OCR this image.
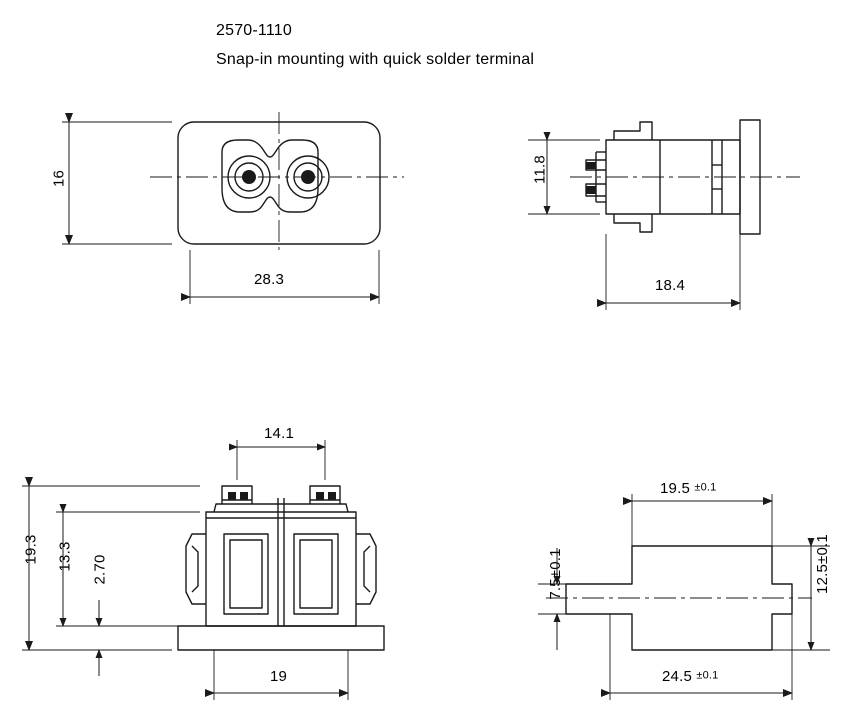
2570-1110
Snap-in mounting with quick solder terminal
16
28.3
11.8
18.4
14.1
19.3 13.3 2.70
19
19.5 ±0.1
7.5±0.1
12.5±0.1
24.5 ±0.1
